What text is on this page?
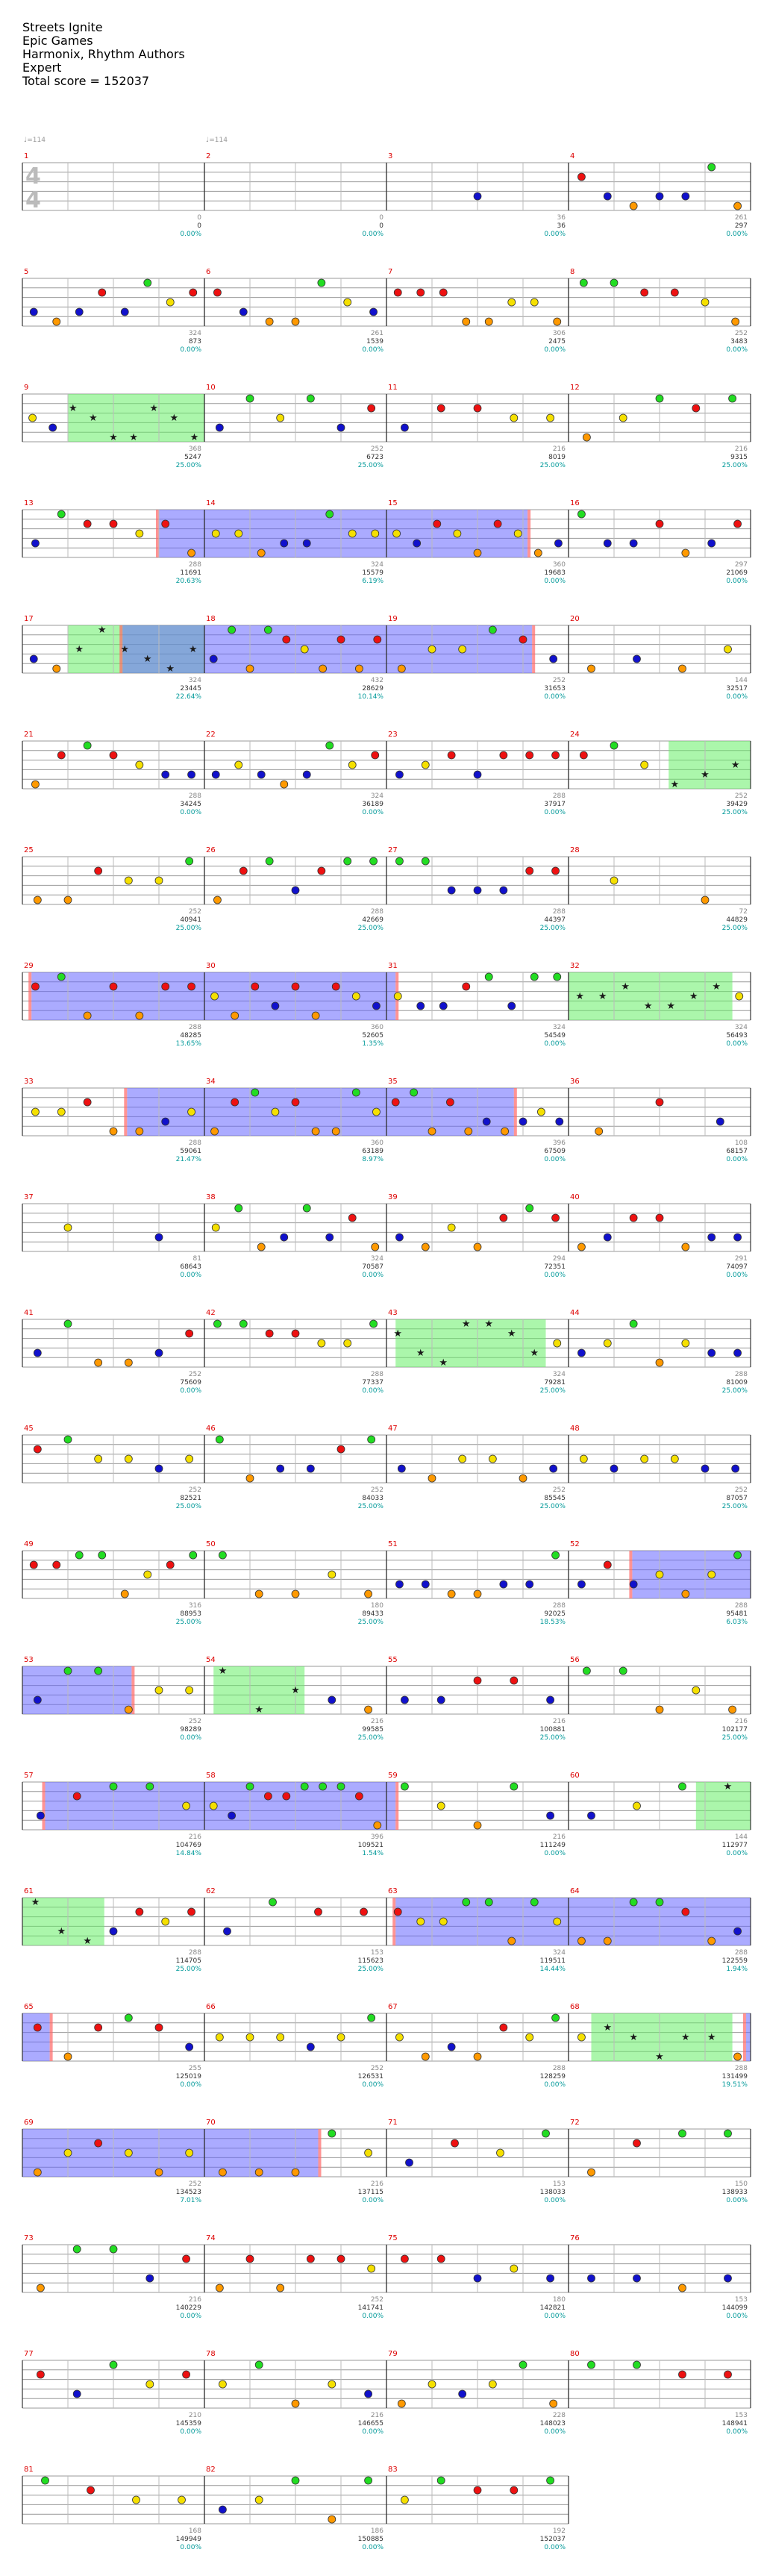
Streets Ignite
Epic Games
Harmonix, Rhythm Authors
Expert
Total score = 152037
1
0
0
0.00%
2
0
0
0.00%
3
36
36
0.00%
4
261
297
0.00%
5
324
873
0.00%
6
261
1539
0.00%
7
306
2475
0.00%
8
252
3483
0.00%
9
★
★
★ ★
★
★
★
368
5247
25.00%
10
252
6723
25.00%
11
216
8019
25.00%
12
216
9315
25.00%
13
288
11691
20.63%
14
324
15579
6.19%
15
360
19683
0.00%
16
297
21069
0.00%
17
★
★
★
★
★
★
324
23445
22.64%
18
432
28629
10.14%
19
252
31653
0.00%
20
144
32517
0.00%
21
288
34245
0.00%
22
324
36189
0.00%
23
288
37917
0.00%
24
★
★
★
252
39429
25.00%
25
252
40941
25.00%
26
288
42669
25.00%
27
288
44397
25.00%
28
72
44829
25.00%
29
288
48285
13.65%
30
360
52605
1.35%
31
324
54549
0.00%
32
★ ★
★
★ ★
★
★
324
56493
0.00%
33
288
59061
21.47%
34
360
63189
8.97%
35
396
67509
0.00%
36
108
68157
0.00%
37
81
68643
0.00%
38
324
70587
0.00%
39
294
72351
0.00%
40
291
74097
0.00%
41
252
75609
0.00%
42
288
77337
0.00%
43
★
★
★
★ ★
★
★
324
79281
25.00%
44
288
81009
25.00%
45
252
82521
25.00%
46
252
84033
25.00%
47
252
85545
25.00%
48
252
87057
25.00%
49
316
88953
25.00%
50
180
89433
25.00%
51
288
92025
18.53%
52
288
95481
6.03%
53
252
98289
0.00%
54
★
★
★
216
99585
25.00%
55
216
100881
25.00%
56
216
102177
25.00%
57
216
104769
14.84%
58
396
109521
1.54%
59
216
111249
0.00%
60
★
144
112977
0.00%
61
★
★
★
288
114705
25.00%
62
153
115623
25.00%
63
324
119511
14.44%
64
288
122559
1.94%
65
255
125019
0.00%
66
252
126531
0.00%
67
288
128259
0.00%
68
★
★
★
★ ★
288
131499
19.51%
69
252
134523
7.01%
70
216
137115
0.00%
71
153
138033
0.00%
72
150
138933
0.00%
73
216
140229
0.00%
74
252
141741
0.00%
75
180
142821
0.00%
76
153
144099
0.00%
77
210
145359
0.00%
78
216
146655
0.00%
79
228
148023
0.00%
80
153
148941
0.00%
81
168
149949
0.00%
82
186
150885
0.00%
83
192
152037
0.00%
4
4
♩=114	♩=114
